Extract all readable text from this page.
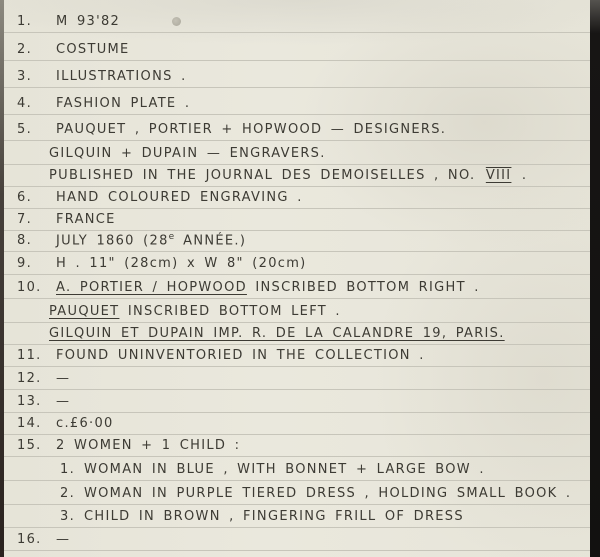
1. M 93'82
2. COSTUME
3. ILLUSTRATIONS .
4. FASHION PLATE .
5. PAUQUET , PORTIER + HOPWOOD — DESIGNERS.
GILQUIN + DUPAIN — ENGRAVERS.
PUBLISHED IN THE JOURNAL DES DEMOISELLES , NO. VIII .
6. HAND COLOURED ENGRAVING .
7. FRANCE
8. JULY 1860 (28e ANNÉE.)
9. H . 11" (28cm) x W 8" (20cm)
10. A. PORTIER / HOPWOOD INSCRIBED BOTTOM RIGHT .
PAUQUET INSCRIBED BOTTOM LEFT .
GILQUIN ET DUPAIN IMP. R. DE LA CALANDRE 19, PARIS.
11. FOUND UNINVENTORIED IN THE COLLECTION .
12. —
13. —
14. c.£6·00
15. 2 WOMEN + 1 CHILD :
1. WOMAN IN BLUE , WITH BONNET + LARGE BOW .
2. WOMAN IN PURPLE TIERED DRESS , HOLDING SMALL BOOK .
3. CHILD IN BROWN , FINGERING FRILL OF DRESS
16. —
